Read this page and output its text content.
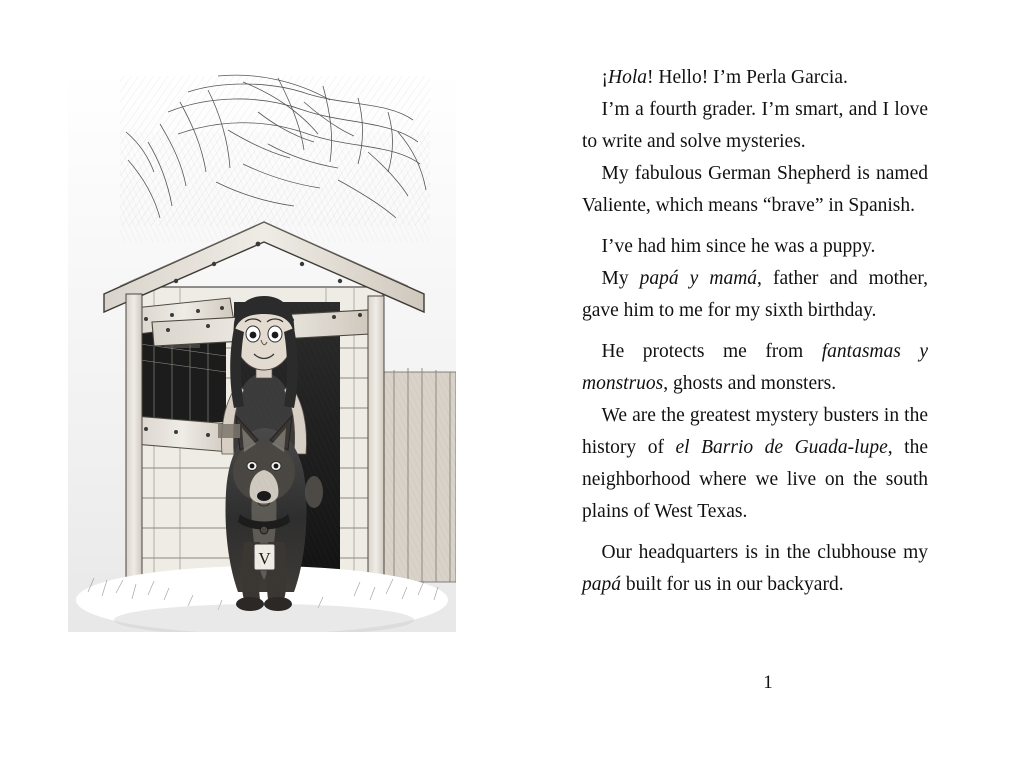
V

¡Hola! Hello! I’m Perla Garcia.

I’m a fourth grader. I’m smart, and I love to write and solve mysteries.

My fabulous German Shepherd is named Valiente, which means “brave” in Spanish.

I’ve had him since he was a puppy.

My papá y mamá, father and mother, gave him to me for my sixth birthday.

He protects me from fantasmas y monstruos, ghosts and monsters.

We are the greatest mystery busters in the history of el Barrio de Guada-lupe, the neighborhood where we live on the south plains of West Texas.

Our headquarters is in the clubhouse my papá built for us in our backyard.

1
